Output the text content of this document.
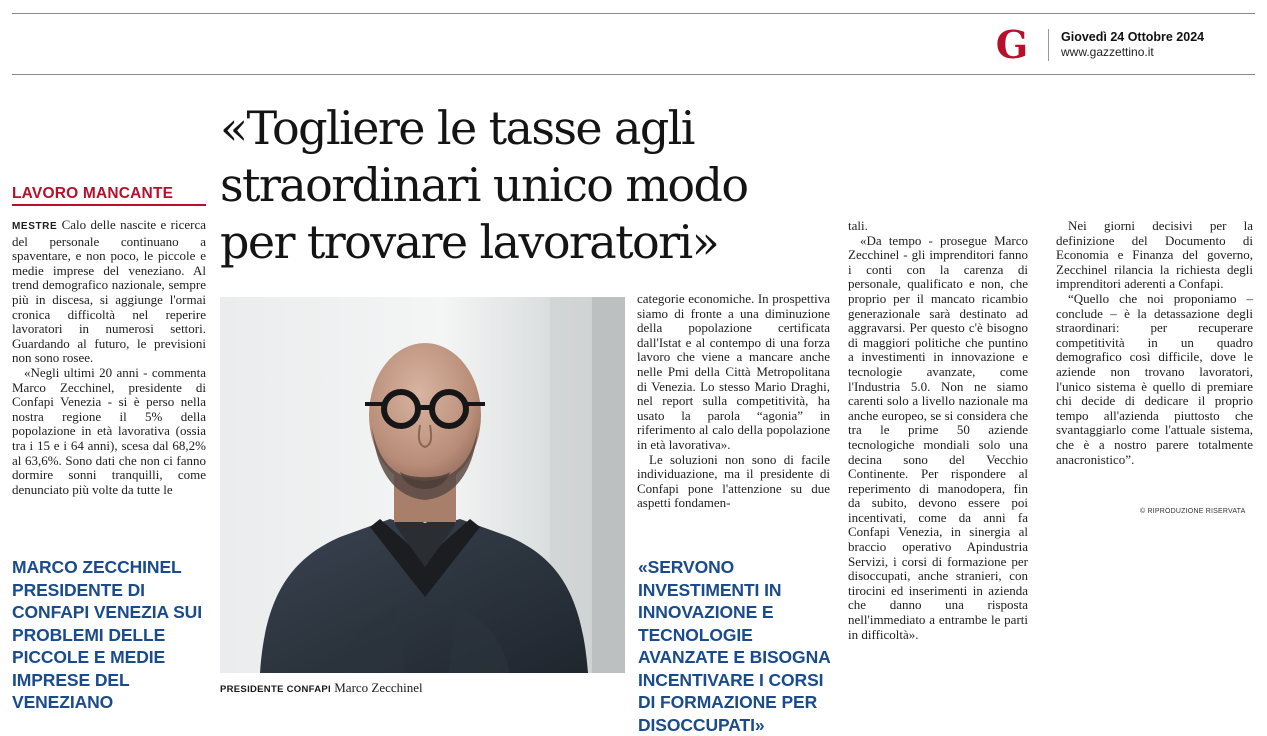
G	Giovedì 24 Ottobre 2024
www.gazzettino.it
«Togliere le tasse agli
straordinari unico modo
per trovare lavoratori»
LAVORO MANCANTE

MESTRE Calo delle nascite e ricerca del personale continuano a spaventare, e non poco, le piccole e medie imprese del veneziano. Al trend demografico nazionale, sempre più in discesa, si aggiunge l'ormai cronica difficoltà nel reperire lavoratori in numerosi settori. Guardando al futuro, le previsioni non sono rosee.

«Negli ultimi 20 anni - commenta Marco Zecchinel, presidente di Confapi Venezia - si è perso nella nostra regione il 5% della popolazione in età lavorativa (ossia tra i 15 e i 64 anni), scesa dal 68,2% al 63,6%. Sono dati che non ci fanno dormire sonni tranquilli, come denunciato più volte da tutte le

MARCO ZECCHINEL PRESIDENTE DI CONFAPI VENEZIA SUI PROBLEMI DELLE PICCOLE E MEDIE IMPRESE DEL VENEZIANO
PRESIDENTE CONFAPI Marco Zecchinel

categorie economiche. In prospettiva siamo di fronte a una diminuzione della popolazione certificata dall'Istat e al contempo di una forza lavoro che viene a mancare anche nelle Pmi della Città Metropolitana di Venezia. Lo stesso Mario Draghi, nel report sulla competitività, ha usato la parola “agonia” in riferimento al calo della popolazione in età lavorativa».

Le soluzioni non sono di facile individuazione, ma il presidente di Confapi pone l'attenzione su due aspetti fondamen-

«SERVONO INVESTIMENTI IN INNOVAZIONE E TECNOLOGIE AVANZATE E BISOGNA INCENTIVARE I CORSI DI FORMAZIONE PER DISOCCUPATI»

tali.

«Da tempo - prosegue Marco Zecchinel - gli imprenditori fanno i conti con la carenza di personale, qualificato e non, che proprio per il mancato ricambio generazionale sarà destinato ad aggravarsi. Per questo c'è bisogno di maggiori politiche che puntino a investimenti in innovazione e tecnologie avanzate, come l'Industria 5.0. Non ne siamo carenti solo a livello nazionale ma anche europeo, se si considera che tra le prime 50 aziende tecnologiche mondiali solo una decina sono del Vecchio Continente. Per rispondere al reperimento di manodopera, fin da subito, devono essere poi incentivati, come da anni fa Confapi Venezia, in sinergia al braccio operativo Apindustria Servizi, i corsi di formazione per disoccupati, anche stranieri, con tirocini ed inserimenti in azienda che danno una risposta nell'immediato a entrambe le parti in difficoltà».

Nei giorni decisivi per la definizione del Documento di Economia e Finanza del governo, Zecchinel rilancia la richiesta degli imprenditori aderenti a Confapi.

“Quello che noi proponiamo – conclude – è la detassazione degli straordinari: per recuperare competitività in un quadro demografico così difficile, dove le aziende non trovano lavoratori, l'unico sistema è quello di premiare chi decide di dedicare il proprio tempo all'azienda piuttosto che svantaggiarlo come l'attuale sistema, che è a nostro parere totalmente anacronistico”.

© RIPRODUZIONE RISERVATA
